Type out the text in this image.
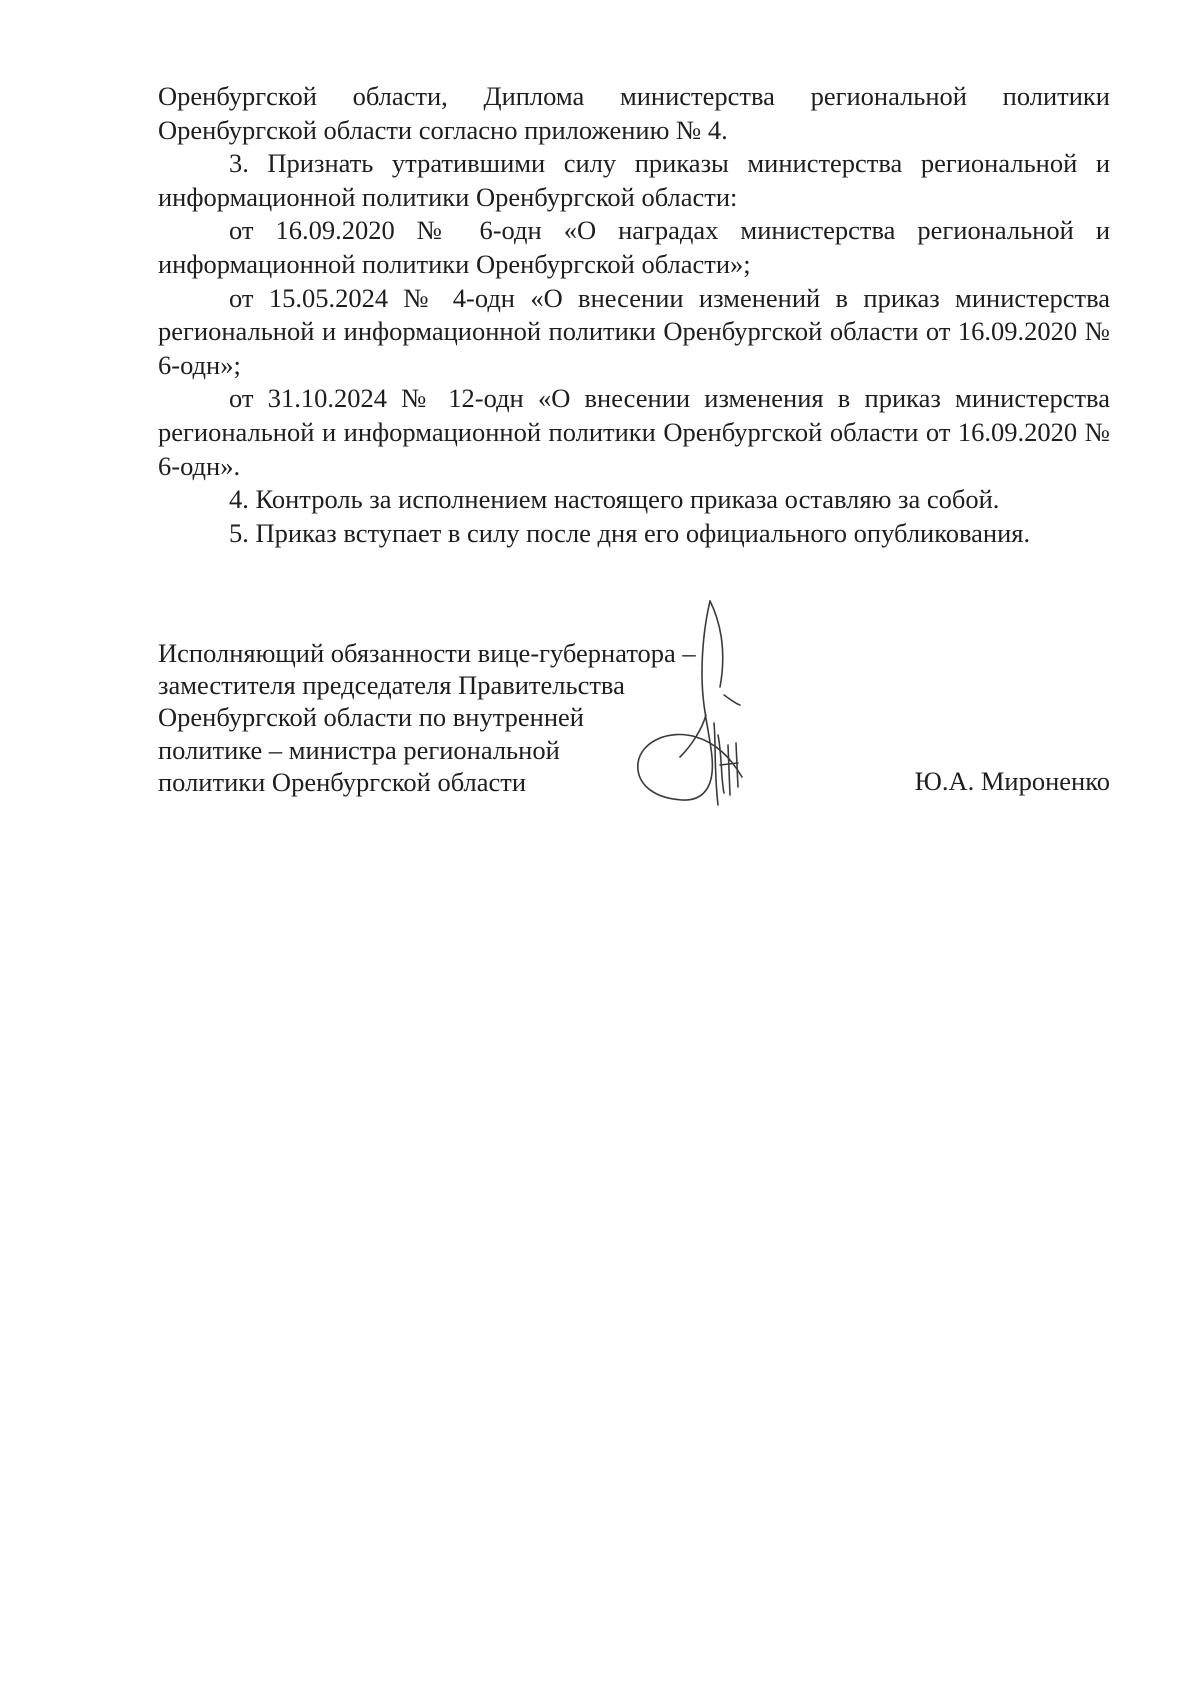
Оренбургской области, Диплома министерства региональной политики Оренбургской области согласно приложению № 4.

3. Признать утратившими силу приказы министерства региональной и информационной политики Оренбургской области:

от 16.09.2020 № 6-одн «О наградах министерства региональной и информационной политики Оренбургской области»;

от 15.05.2024 № 4-одн «О внесении изменений в приказ министерства региональной и информационной политики Оренбургской области от 16.09.2020 № 6-одн»;

от 31.10.2024 № 12-одн «О внесении изменения в приказ министерства региональной и информационной политики Оренбургской области от 16.09.2020 № 6-одн».

4. Контроль за исполнением настоящего приказа оставляю за собой.

5. Приказ вступает в силу после дня его официального опубликования.

Исполняющий обязанности вице-губернатора –
заместителя председателя Правительства
Оренбургской области по внутренней
политике – министра региональной
политики Оренбургской области	Ю.А. Мироненко
